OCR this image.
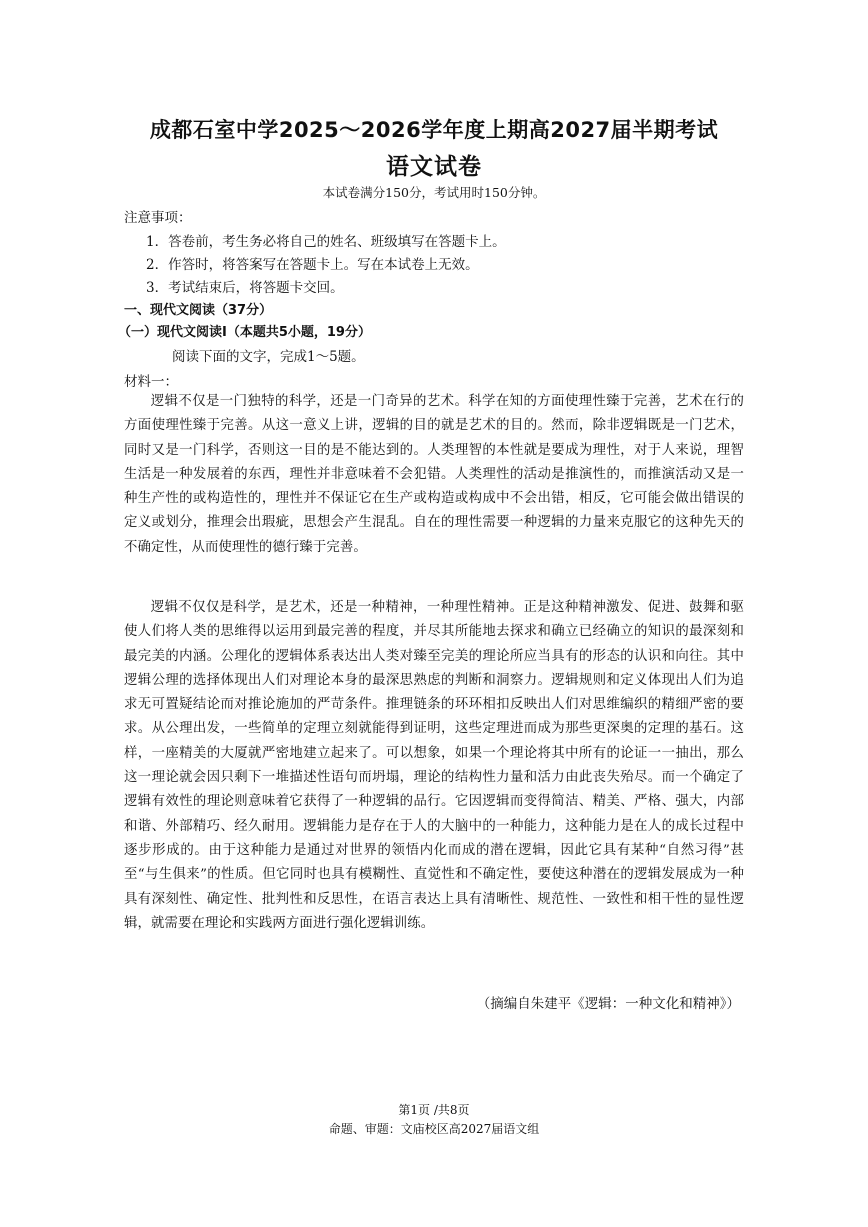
成都石室中学2025～2026学年度上期高2027届半期考试
语文试卷
本试卷满分150分，考试用时150分钟。
注意事项：
1．答卷前，考生务必将自己的姓名、班级填写在答题卡上。
2．作答时，将答案写在答题卡上。写在本试卷上无效。
3．考试结束后，将答题卡交回。
一、现代文阅读（37分）
（一）现代文阅读Ⅰ（本题共5小题，19分）
阅读下面的文字，完成1～5题。
材料一：
逻辑不仅是一门独特的科学，还是一门奇异的艺术。科学在知的方面使理性臻于完善，艺术在行的方面使理性臻于完善。从这一意义上讲，逻辑的目的就是艺术的目的。然而，除非逻辑既是一门艺术，同时又是一门科学，否则这一目的是不能达到的。人类理智的本性就是要成为理性，对于人来说，理智生活是一种发展着的东西，理性并非意味着不会犯错。人类理性的活动是推演性的，而推演活动又是一种生产性的或构造性的，理性并不保证它在生产或构造或构成中不会出错，相反，它可能会做出错误的定义或划分，推理会出瑕疵，思想会产生混乱。自在的理性需要一种逻辑的力量来克服它的这种先天的不确定性，从而使理性的德行臻于完善。
逻辑不仅仅是科学，是艺术，还是一种精神，一种理性精神。正是这种精神激发、促进、鼓舞和驱使人们将人类的思维得以运用到最完善的程度，并尽其所能地去探求和确立已经确立的知识的最深刻和最完美的内涵。公理化的逻辑体系表达出人类对臻至完美的理论所应当具有的形态的认识和向往。其中逻辑公理的选择体现出人们对理论本身的最深思熟虑的判断和洞察力。逻辑规则和定义体现出人们为追求无可置疑结论而对推论施加的严苛条件。推理链条的环环相扣反映出人们对思维编织的精细严密的要求。从公理出发，一些简单的定理立刻就能得到证明，这些定理进而成为那些更深奥的定理的基石。这样，一座精美的大厦就严密地建立起来了。可以想象，如果一个理论将其中所有的论证一一抽出，那么这一理论就会因只剩下一堆描述性语句而坍塌，理论的结构性力量和活力由此丧失殆尽。而一个确定了逻辑有效性的理论则意味着它获得了一种逻辑的品行。它因逻辑而变得简洁、精美、严格、强大，内部和谐、外部精巧、经久耐用。逻辑能力是存在于人的大脑中的一种能力，这种能力是在人的成长过程中逐步形成的。由于这种能力是通过对世界的领悟内化而成的潜在逻辑，因此它具有某种“自然习得”甚至“与生俱来”的性质。但它同时也具有模糊性、直觉性和不确定性，要使这种潜在的逻辑发展成为一种具有深刻性、确定性、批判性和反思性，在语言表达上具有清晰性、规范性、一致性和相干性的显性逻辑，就需要在理论和实践两方面进行强化逻辑训练。
（摘编自朱建平《逻辑：一种文化和精神》）
第1页 /共8页
命题、审题：文庙校区高2027届语文组
